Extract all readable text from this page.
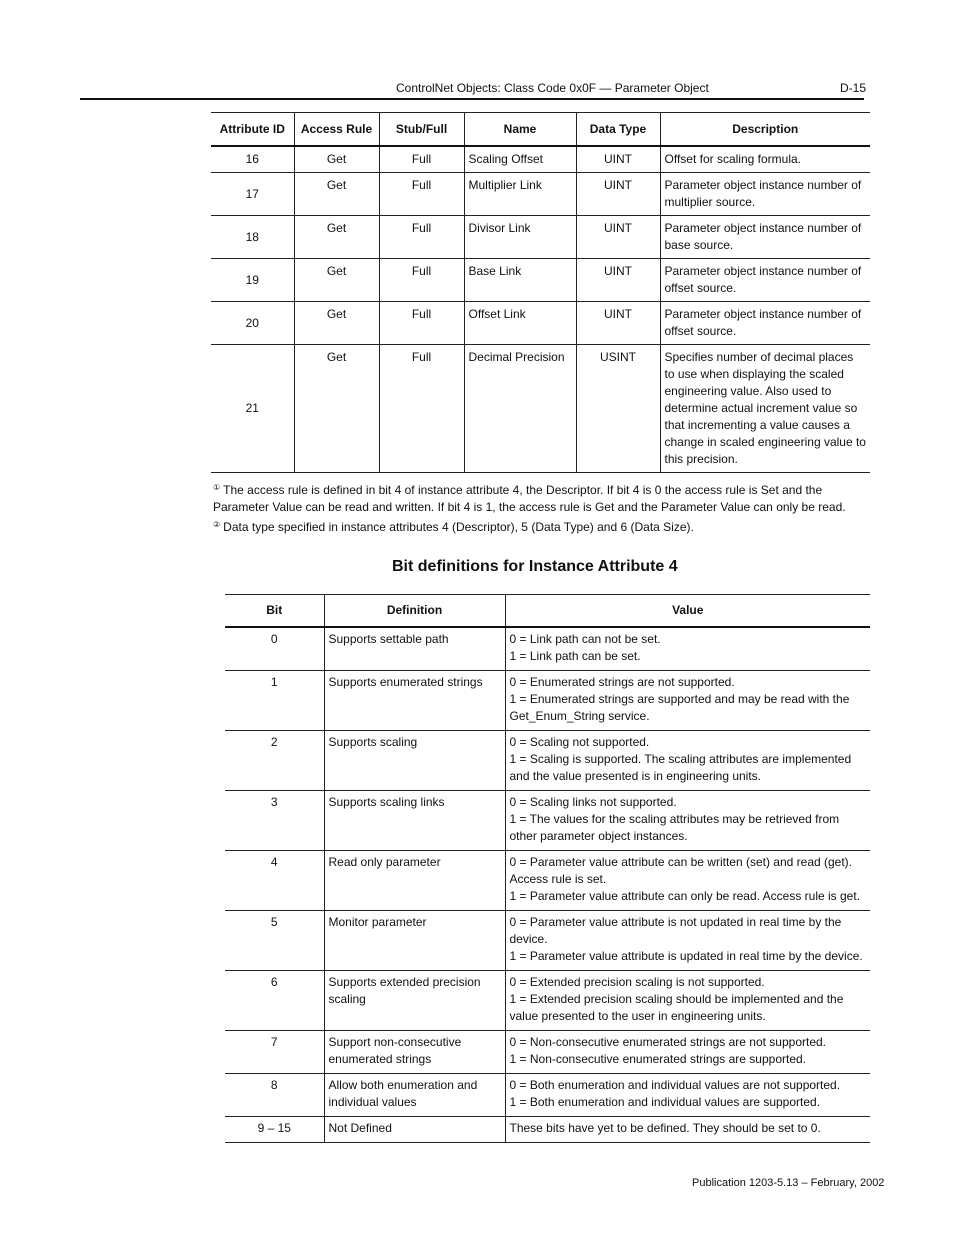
ControlNet Objects: Class Code 0x0F — Parameter Object	D-15
Attribute ID	Access Rule	Stub/Full	Name	Data Type	Description
16	Get	Full	Scaling Offset	UINT	Offset for scaling formula.
17	Get	Full	Multiplier Link	UINT	Parameter object instance number of multiplier source.
18	Get	Full	Divisor Link	UINT	Parameter object instance number of base source.
19	Get	Full	Base Link	UINT	Parameter object instance number of offset source.
20	Get	Full	Offset Link	UINT	Parameter object instance number of offset source.
21	Get	Full	Decimal Precision	USINT	Specifies number of decimal places to use when displaying the scaled engineering value. Also used to determine actual increment value so that incrementing a value causes a change in scaled engineering value to this precision.

① The access rule is defined in bit 4 of instance attribute 4, the Descriptor. If bit 4 is 0 the access rule is Set and the Parameter Value can be read and written. If bit 4 is 1, the access rule is Get and the Parameter Value can only be read.

② Data type specified in instance attributes 4 (Descriptor), 5 (Data Type) and 6 (Data Size).

Bit definitions for Instance Attribute 4
Bit	Definition	Value
0	Supports settable path	0 = Link path can not be set.
1 = Link path can be set.

1	Supports enumerated strings	0 = Enumerated strings are not supported.
1 = Enumerated strings are supported and may be read with the Get_Enum_String service.

2	Supports scaling	0 = Scaling not supported.
1 = Scaling is supported. The scaling attributes are implemented and the value presented is in engineering units.

3	Supports scaling links	0 = Scaling links not supported.
1 = The values for the scaling attributes may be retrieved from other parameter object instances.

4	Read only parameter	0 = Parameter value attribute can be written (set) and read (get). Access rule is set.
1 = Parameter value attribute can only be read. Access rule is get.

5	Monitor parameter	0 = Parameter value attribute is not updated in real time by the device.
1 = Parameter value attribute is updated in real time by the device.

6	Supports extended precision scaling	0 = Extended precision scaling is not supported.
1 = Extended precision scaling should be implemented and the value presented to the user in engineering units.

7	Support non-consecutive enumerated strings	0 = Non-consecutive enumerated strings are not supported.
1 = Non-consecutive enumerated strings are supported.

8	Allow both enumeration and individual values	0 = Both enumeration and individual values are not supported.
1 = Both enumeration and individual values are supported.

9 – 15	Not Defined	These bits have yet to be defined. They should be set to 0.
Publication 1203-5.13 – February, 2002
